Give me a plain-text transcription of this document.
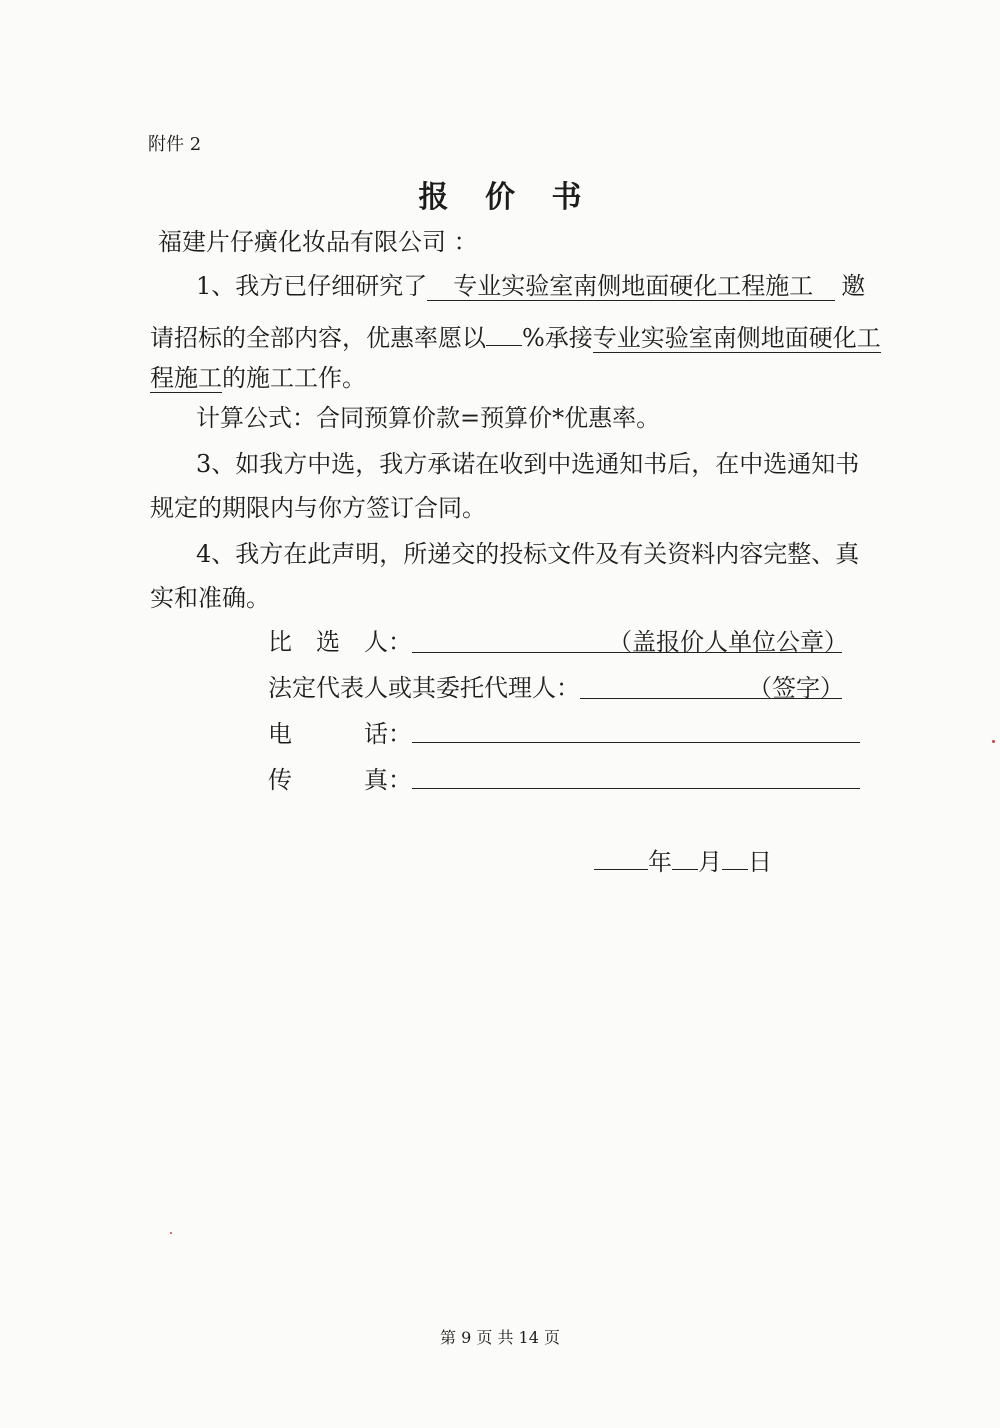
附件 2
报 价 书
福建片仔癀化妆品有限公司 ：
1、我方已仔细研究了 专业实验室南侧地面硬化工程施工 邀
请招标的全部内容，优惠率愿以 %承接专业实验室南侧地面硬化工
程施工的施工工作。
计算公式：合同预算价款=预算价*优惠率。
3、如我方中选，我方承诺在收到中选通知书后，在中选通知书
规定的期限内与你方签订合同。
4、我方在此声明，所递交的投标文件及有关资料内容完整、真
实和准确。
比　选　人：	（盖报价人单位公章）
法定代表人或其委托代理人：	（签字）
电　　　话：
传　　　真：
年 月 日
第 9 页 共 14 页
